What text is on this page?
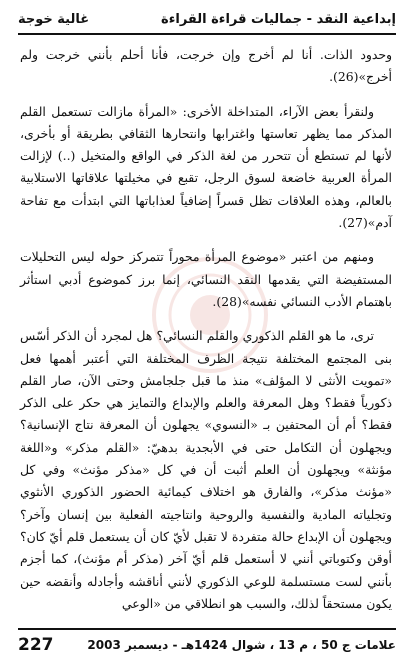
إبداعية النقد - جماليات قراءة القراءة
غالية خوجة

وحدود الذات. أنا لم أخرج وإن خرجت، فأنا أحلم بأنني خرجت ولم أخرج»(26).

ولنقرأ بعض الآراء، المتداخلة الأخرى: «المرأة مازالت تستعمل القلم المذكر مما يظهر تعاستها واغترابها وانتحارها الثقافي بطريقة أو بأخرى، لأنها لم تستطع أن تتحرر من لغة الذكر في الواقع والمتخيل (..) لإزالت المرأة العربية خاضعة لسوق الرجل، تقبع في مخيلتها علاقاتها الاستلابية بالعالم، وهذه العلاقات تظل قسراً إضافياً لعذاباتها التي ابتدأت مع تفاحة آدم»(27).

ومنهم من اعتبر «موضوع المرأة محوراً تتمركز حوله ليس التحليلات المستفيضة التي يقدمها النقد النسائي، إنما برز كموضوع أدبي استأثر باهتمام الأدب النسائي نفسه»(28).

ترى، ما هو القلم الذكوري والقلم النسائي؟ هل لمجرد أن الذكر أسّس بنى المجتمع المختلفة نتيجة الظرف المختلفة التي أعتبر أهمها فعل «تمويت الأنثى لا المؤلف» منذ ما قبل جلجامش وحتى الآن، صار القلم ذكورياً فقط؟ وهل المعرفة والعلم والإبداع والتمايز هي حكر على الذكر فقط؟ أم أن المحتفين بـ «النسوي» يجهلون أن المعرفة نتاج الإنسانية؟ ويجهلون أن التكامل حتى في الأبجدية بدهيّ: «القلم مذكر» و«اللغة مؤنثة» ويجهلون أن العلم أثبت أن في كل «مذكر مؤنث» وفي كل «مؤنث مذكر»، والفارق هو اختلاف كيمائية الحضور الذكوري الأنثوي وتجلياته المادية والنفسية والروحية وانتاجيته الفعلية بين إنسان وآخر؟ ويجهلون أن الإبداع حالة متفردة لا تقبل لأيّ كان أن يستعمل قلم أيّ كان؟ أوقن وكتوباتي أنني لا أستعمل قلم أيّ آخر (مذكر أم مؤنث)، كما أجزم بأنني لست مستسلمة للوعي الذكوري لأنني أناقشه وأجادله وأنقضه حين يكون مستحقاً لذلك، والسبب هو انطلاقي من «الوعي

علامات ج 50 ، م 13 ، شوال 1424هـ - ديسمبر 2003
227
